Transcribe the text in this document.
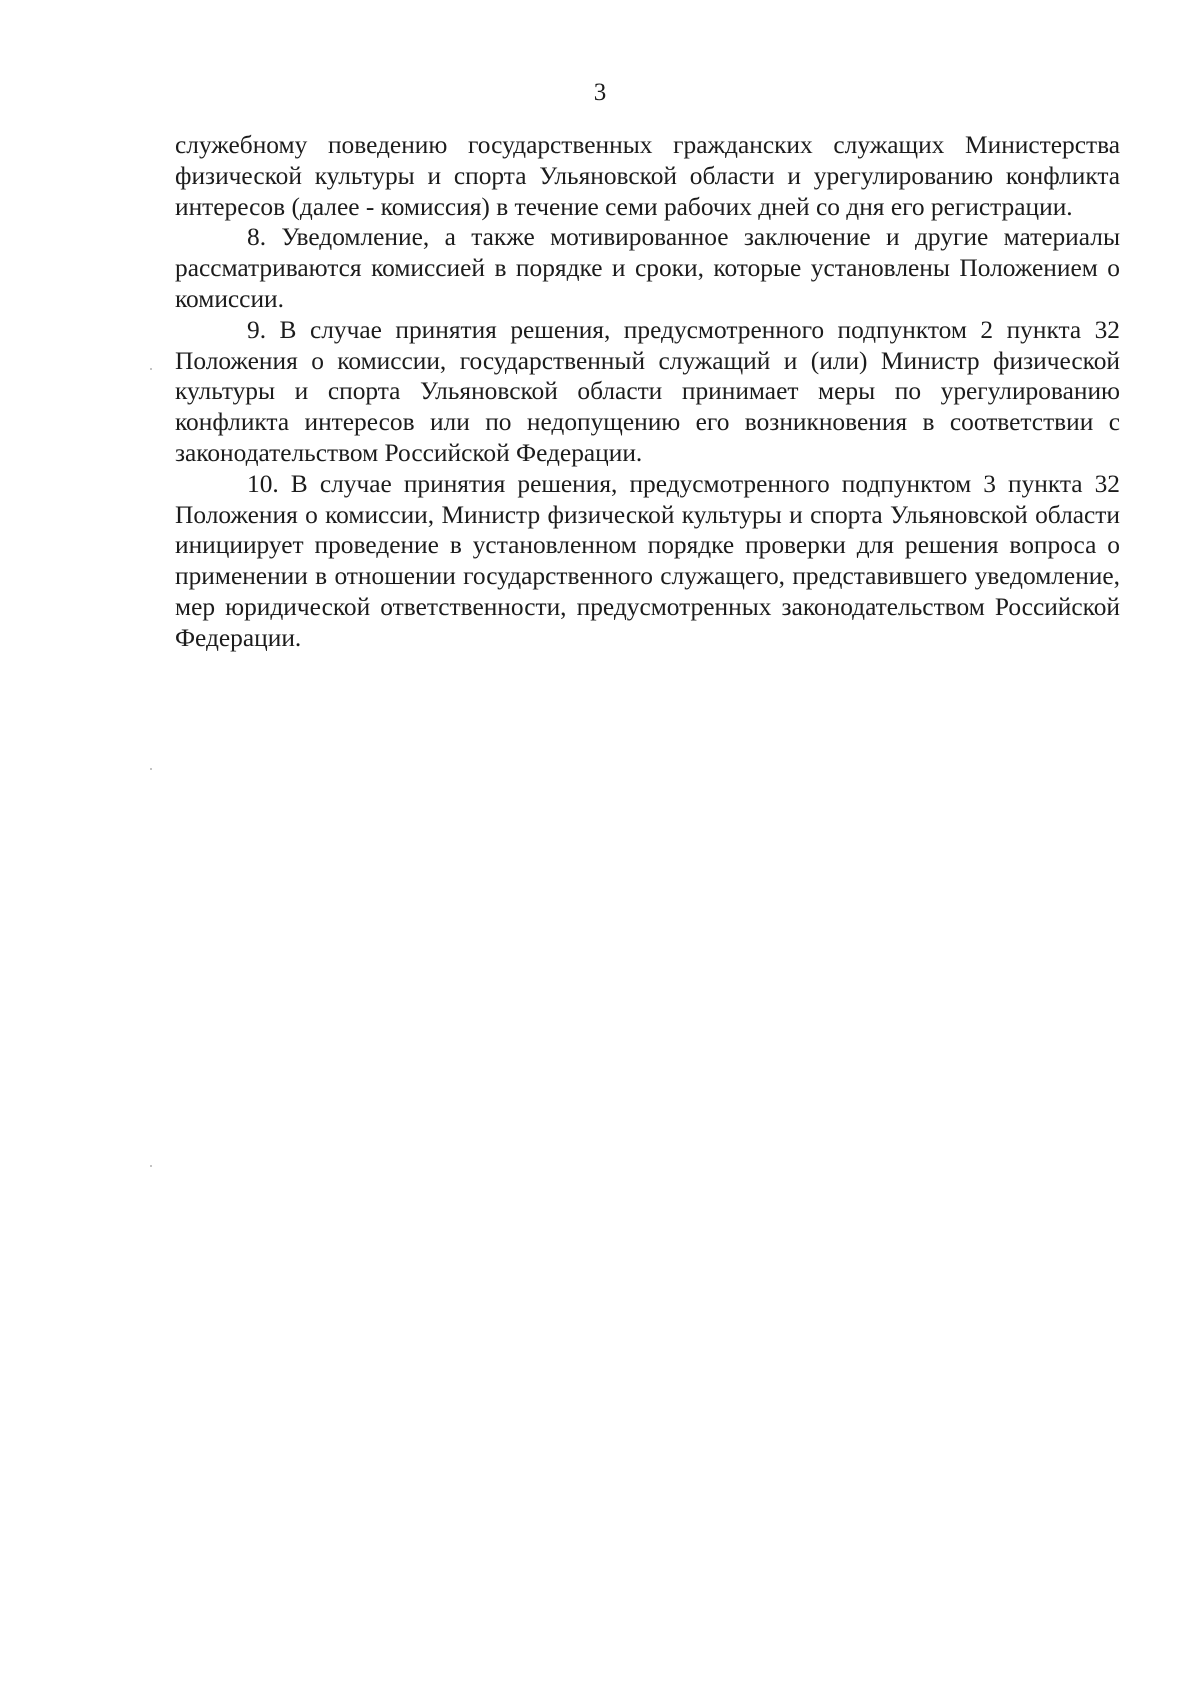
3

служебному поведению государственных гражданских служащих Министерства физической культуры и спорта Ульяновской области и урегулированию конфликта интересов (далее - комиссия) в течение семи рабочих дней со дня его регистрации.

8. Уведомление, а также мотивированное заключение и другие материалы рассматриваются комиссией в порядке и сроки, которые установлены Положением о комиссии.

9. В случае принятия решения, предусмотренного подпунктом 2 пункта 32 Положения о комиссии, государственный служащий и (или) Министр физической культуры и спорта Ульяновской области принимает меры по урегулированию конфликта интересов или по недопущению его возникновения в соответствии с законодательством Российской Федерации.

10. В случае принятия решения, предусмотренного подпунктом 3 пункта 32 Положения о комиссии, Министр физической культуры и спорта Ульяновской области инициирует проведение в установленном порядке проверки для решения вопроса о применении в отношении государственного служащего, представившего уведомление, мер юридической ответственности, предусмотренных законодательством Российской Федерации.
